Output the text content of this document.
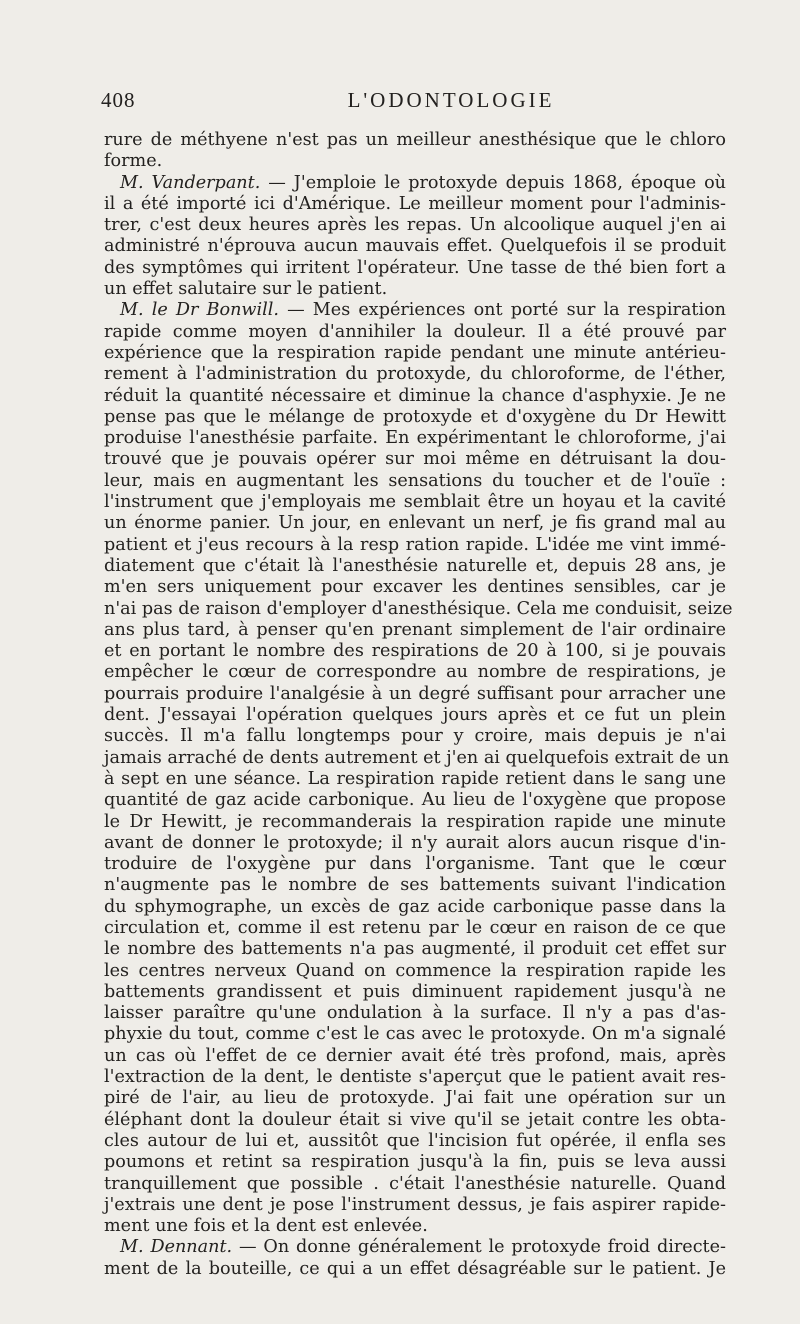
408	L'ODONTOLOGIE
rure de méthyene n'est pas un meilleur anesthésique que le chloro
forme.
M. Vanderpant. — J'emploie le protoxyde depuis 1868, époque où
il a été importé ici d'Amérique. Le meilleur moment pour l'adminis-
trer, c'est deux heures après les repas. Un alcoolique auquel j'en ai
administré n'éprouva aucun mauvais effet. Quelquefois il se produit
des symptômes qui irritent l'opérateur. Une tasse de thé bien fort a
un effet salutaire sur le patient.
M. le Dr Bonwill. — Mes expériences ont porté sur la respiration
rapide comme moyen d'annihiler la douleur. Il a été prouvé par
expérience que la respiration rapide pendant une minute antérieu-
rement à l'administration du protoxyde, du chloroforme, de l'éther,
réduit la quantité nécessaire et diminue la chance d'asphyxie. Je ne
pense pas que le mélange de protoxyde et d'oxygène du Dr Hewitt
produise l'anesthésie parfaite. En expérimentant le chloroforme, j'ai
trouvé que je pouvais opérer sur moi même en détruisant la dou-
leur, mais en augmentant les sensations du toucher et de l'ouïe :
l'instrument que j'employais me semblait être un hoyau et la cavité
un énorme panier. Un jour, en enlevant un nerf, je fis grand mal au
patient et j'eus recours à la resp ration rapide. L'idée me vint immé-
diatement que c'était là l'anesthésie naturelle et, depuis 28 ans, je
m'en sers uniquement pour excaver les dentines sensibles, car je
n'ai pas de raison d'employer d'anesthésique. Cela me conduisit, seize
ans plus tard, à penser qu'en prenant simplement de l'air ordinaire
et en portant le nombre des respirations de 20 à 100, si je pouvais
empêcher le cœur de correspondre au nombre de respirations, je
pourrais produire l'analgésie à un degré suffisant pour arracher une
dent. J'essayai l'opération quelques jours après et ce fut un plein
succès. Il m'a fallu longtemps pour y croire, mais depuis je n'ai
jamais arraché de dents autrement et j'en ai quelquefois extrait de un
à sept en une séance. La respiration rapide retient dans le sang une
quantité de gaz acide carbonique. Au lieu de l'oxygène que propose
le Dr Hewitt, je recommanderais la respiration rapide une minute
avant de donner le protoxyde; il n'y aurait alors aucun risque d'in-
troduire de l'oxygène pur dans l'organisme. Tant que le cœur
n'augmente pas le nombre de ses battements suivant l'indication
du sphymographe, un excès de gaz acide carbonique passe dans la
circulation et, comme il est retenu par le cœur en raison de ce que
le nombre des battements n'a pas augmenté, il produit cet effet sur
les centres nerveux Quand on commence la respiration rapide les
battements grandissent et puis diminuent rapidement jusqu'à ne
laisser paraître qu'une ondulation à la surface. Il n'y a pas d'as-
phyxie du tout, comme c'est le cas avec le protoxyde. On m'a signalé
un cas où l'effet de ce dernier avait été très profond, mais, après
l'extraction de la dent, le dentiste s'aperçut que le patient avait res-
piré de l'air, au lieu de protoxyde. J'ai fait une opération sur un
éléphant dont la douleur était si vive qu'il se jetait contre les obta-
cles autour de lui et, aussitôt que l'incision fut opérée, il enfla ses
poumons et retint sa respiration jusqu'à la fin, puis se leva aussi
tranquillement que possible . c'était l'anesthésie naturelle. Quand
j'extrais une dent je pose l'instrument dessus, je fais aspirer rapide-
ment une fois et la dent est enlevée.
M. Dennant. — On donne généralement le protoxyde froid directe-
ment de la bouteille, ce qui a un effet désagréable sur le patient. Je
